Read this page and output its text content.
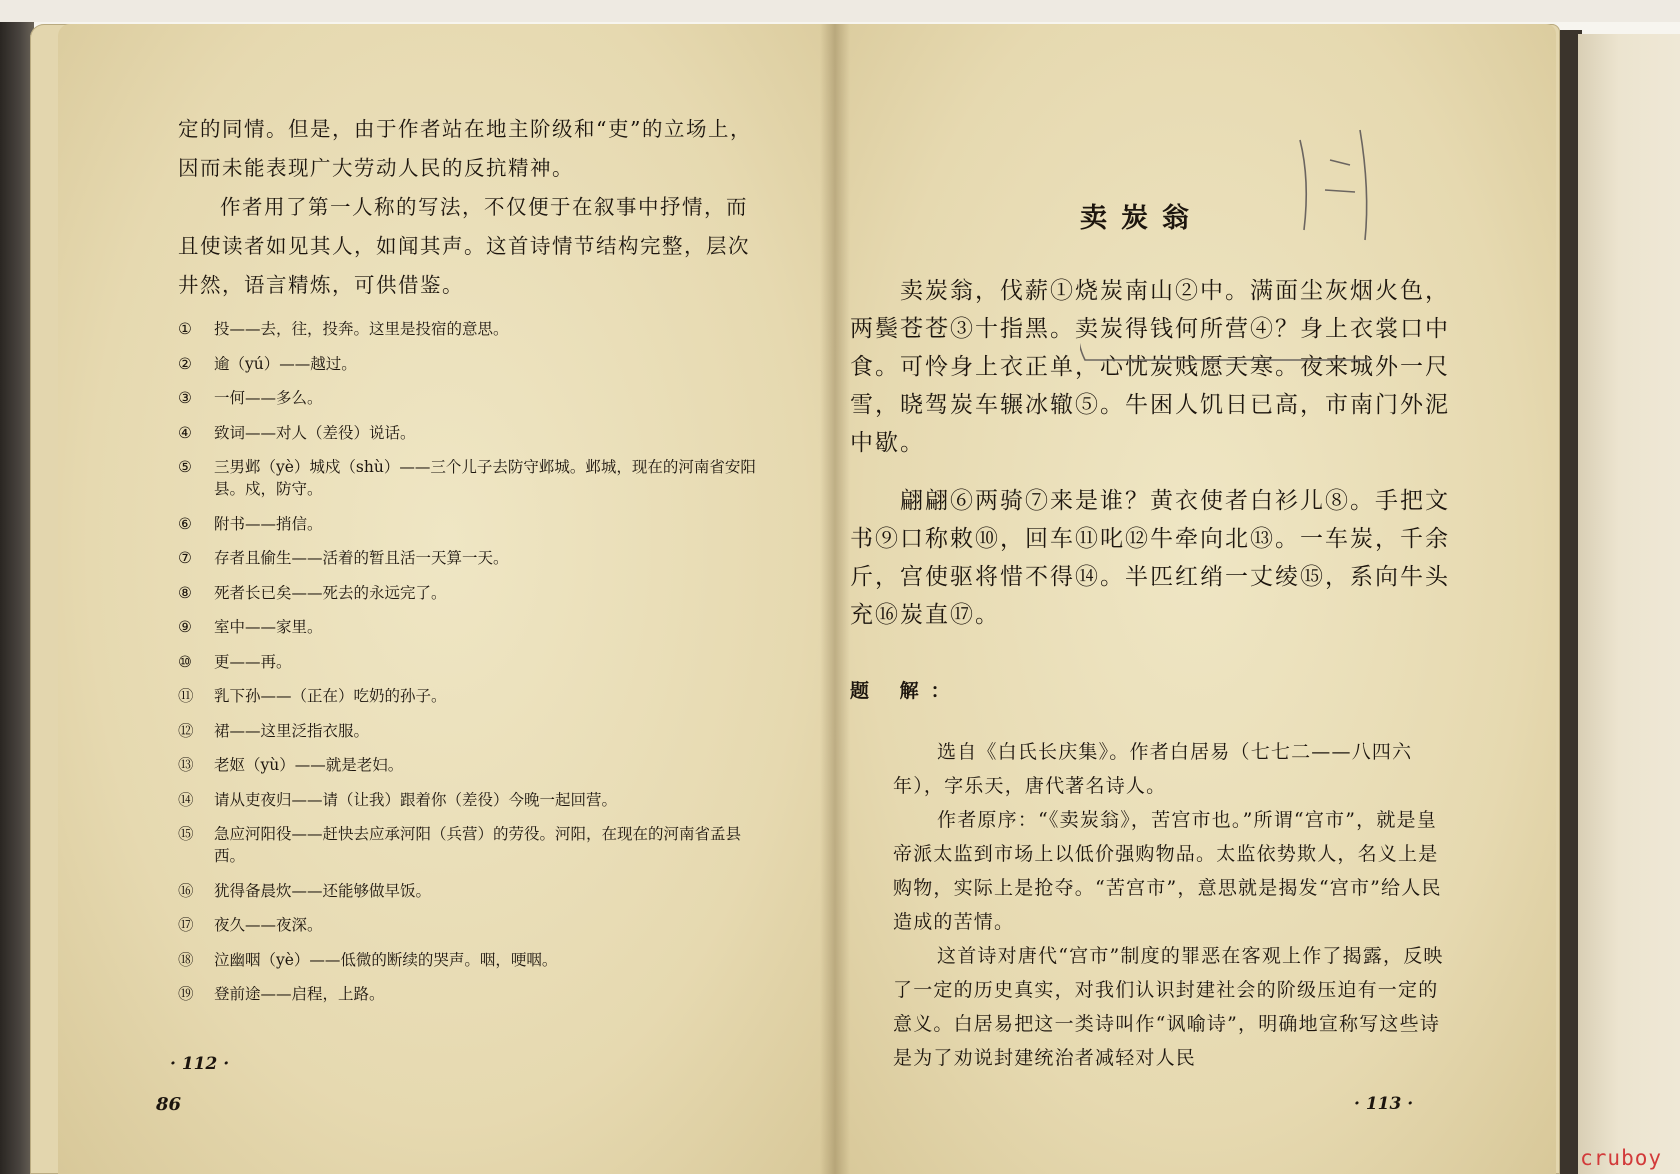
定的同情。但是，由于作者站在地主阶级和“吏”的立场上，因而未能表现广大劳动人民的反抗精神。

作者用了第一人称的写法，不仅便于在叙事中抒情，而且使读者如见其人，如闻其声。这首诗情节结构完整，层次井然，语言精炼，可供借鉴。

①	投——去，往，投奔。这里是投宿的意思。
②	逾（yú）——越过。
③	一何——多么。
④	致词——对人（差役）说话。
⑤	三男邺（yè）城戍（shù）——三个儿子去防守邺城。邺城，现在的河南省安阳县。戍，防守。
⑥	附书——捎信。
⑦	存者且偷生——活着的暂且活一天算一天。
⑧	死者长已矣——死去的永远完了。
⑨	室中——家里。
⑩	更——再。
⑪	乳下孙——（正在）吃奶的孙子。
⑫	裙——这里泛指衣服。
⑬	老妪（yù）——就是老妇。
⑭	请从吏夜归——请（让我）跟着你（差役）今晚一起回营。
⑮	急应河阳役——赶快去应承河阳（兵营）的劳役。河阳，在现在的河南省孟县西。
⑯	犹得备晨炊——还能够做早饭。
⑰	夜久——夜深。
⑱	泣幽咽（yè）——低微的断续的哭声。咽，哽咽。
⑲	登前途——启程，上路。
· 112 ·
86
卖炭翁

卖炭翁，伐薪①烧炭南山②中。满面尘灰烟火色，两鬓苍苍③十指黑。卖炭得钱何所营④？身上衣裳口中食。可怜身上衣正单，心忧炭贱愿天寒。夜来城外一尺雪，晓驾炭车辗冰辙⑤。牛困人饥日已高，市南门外泥中歇。

翩翩⑥两骑⑦来是谁？黄衣使者白衫儿⑧。手把文书⑨口称敕⑩，回车⑪叱⑫牛牵向北⑬。一车炭，千余斤，宫使驱将惜不得⑭。半匹红绡一丈绫⑮，系向牛头充⑯炭直⑰。

题 解：

选自《白氏长庆集》。作者白居易（七七二——八四六年），字乐天，唐代著名诗人。

作者原序：“《卖炭翁》，苦宫市也。”所谓“宫市”，就是皇帝派太监到市场上以低价强购物品。太监依势欺人，名义上是购物，实际上是抢夺。“苦宫市”，意思就是揭发“宫市”给人民造成的苦情。

这首诗对唐代“宫市”制度的罪恶在客观上作了揭露，反映了一定的历史真实，对我们认识封建社会的阶级压迫有一定的意义。白居易把这一类诗叫作“讽喻诗”，明确地宣称写这些诗是为了劝说封建统治者减轻对人民

· 113 ·
cruboy
